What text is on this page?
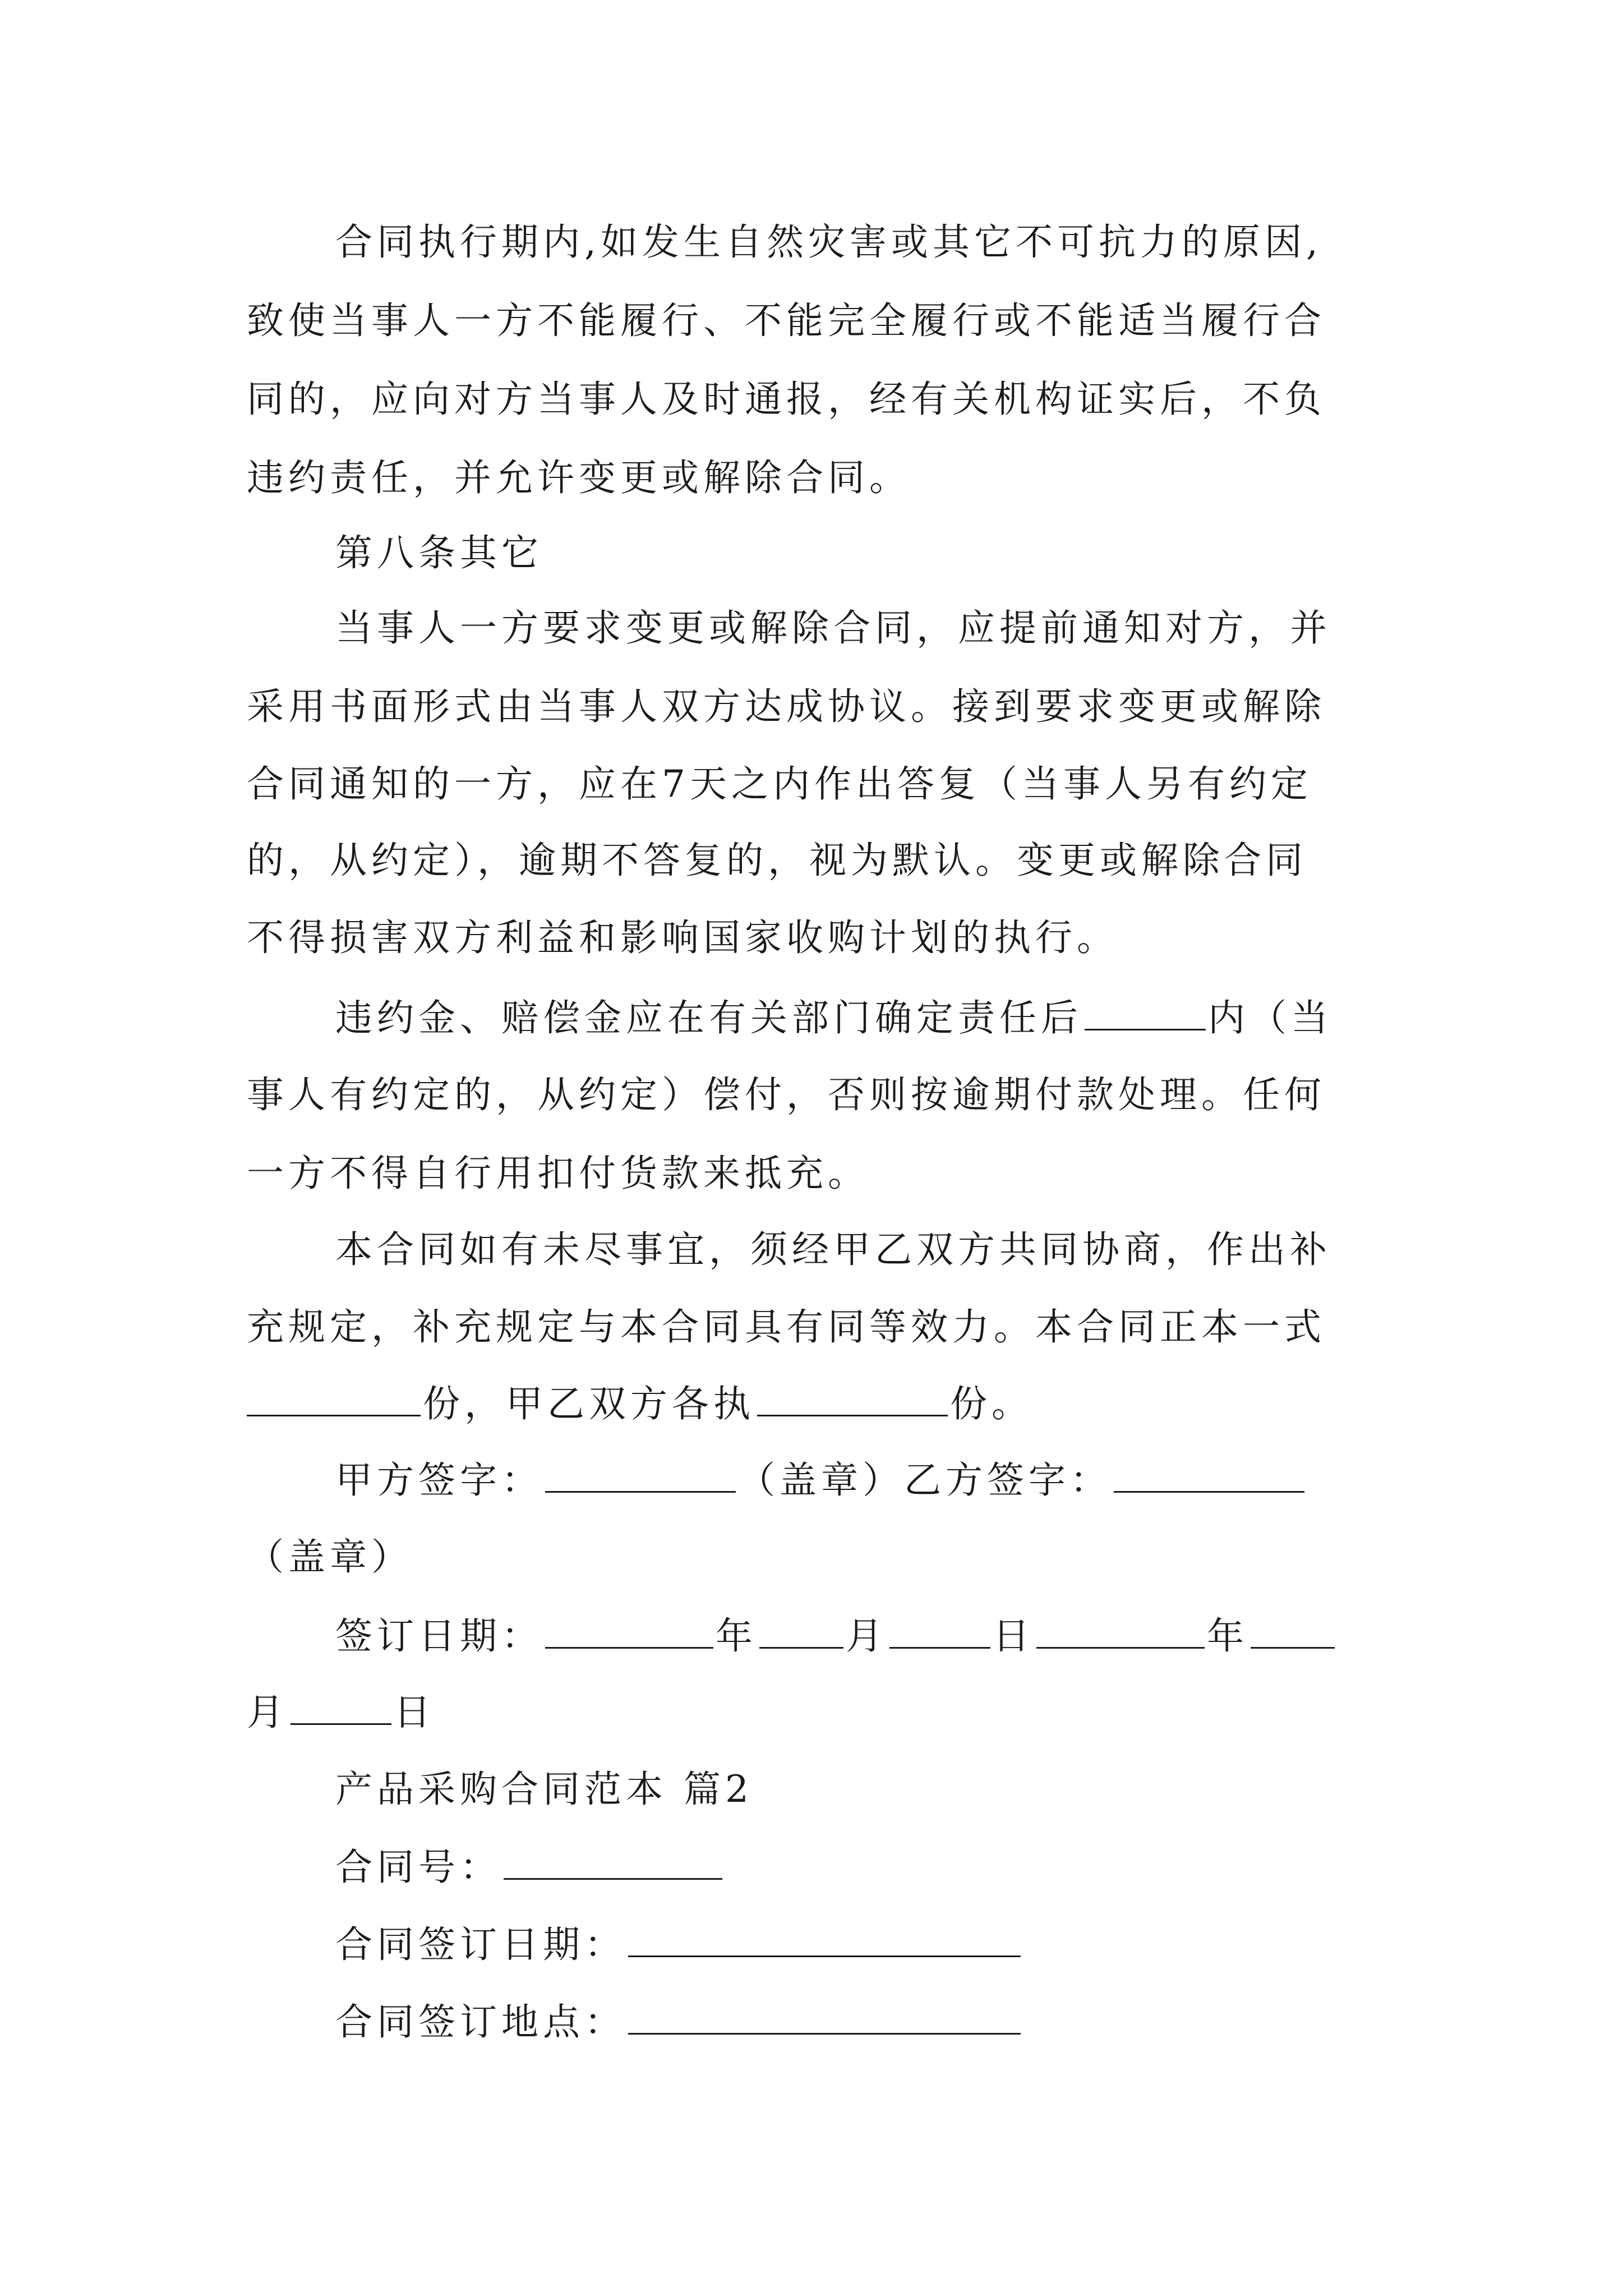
合同执行期内,如发生自然灾害或其它不可抗力的原因,
致使当事人一方不能履行、不能完全履行或不能适当履行合
同的，应向对方当事人及时通报，经有关机构证实后，不负
违约责任，并允许变更或解除合同。
第八条其它
当事人一方要求变更或解除合同，应提前通知对方，并
采用书面形式由当事人双方达成协议。接到要求变更或解除
合同通知的一方，应在7天之内作出答复（当事人另有约定
的，从约定），逾期不答复的，视为默认。变更或解除合同
不得损害双方利益和影响国家收购计划的执行。
违约金、赔偿金应在有关部门确定责任后	内（当
事人有约定的，从约定）偿付，否则按逾期付款处理。任何
一方不得自行用扣付货款来抵充。
本合同如有未尽事宜，须经甲乙双方共同协商，作出补
充规定，补充规定与本合同具有同等效力。本合同正本一式
份，甲乙双方各执	份。
甲方签字：	（盖章）乙方签字：
（盖章）
签订日期：	年 月	日	年
月	日
产品采购合同范本 篇2
合同号：
合同签订日期：
合同签订地点：
